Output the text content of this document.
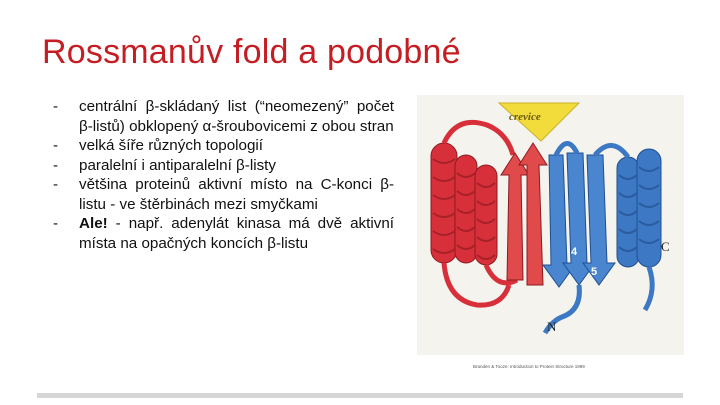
Rossmanův fold a podobné
- centrální β-skládaný list (“neomezený” počet β-listů) obklopený α-šroubovicemi z obou stran
- velká šíře různých topologií
- paralelní i antiparalelní β-listy
- většina proteinů aktivní místo na C-konci β-listu - ve štěrbinách mezi smyčkami
- Ale! - např. adenylát kinasa má dvě aktivní místa na opačných koncích β-listu
crevice
4
5
C
N
Branden & Tooze: Introduction to Protein Structure 1999
